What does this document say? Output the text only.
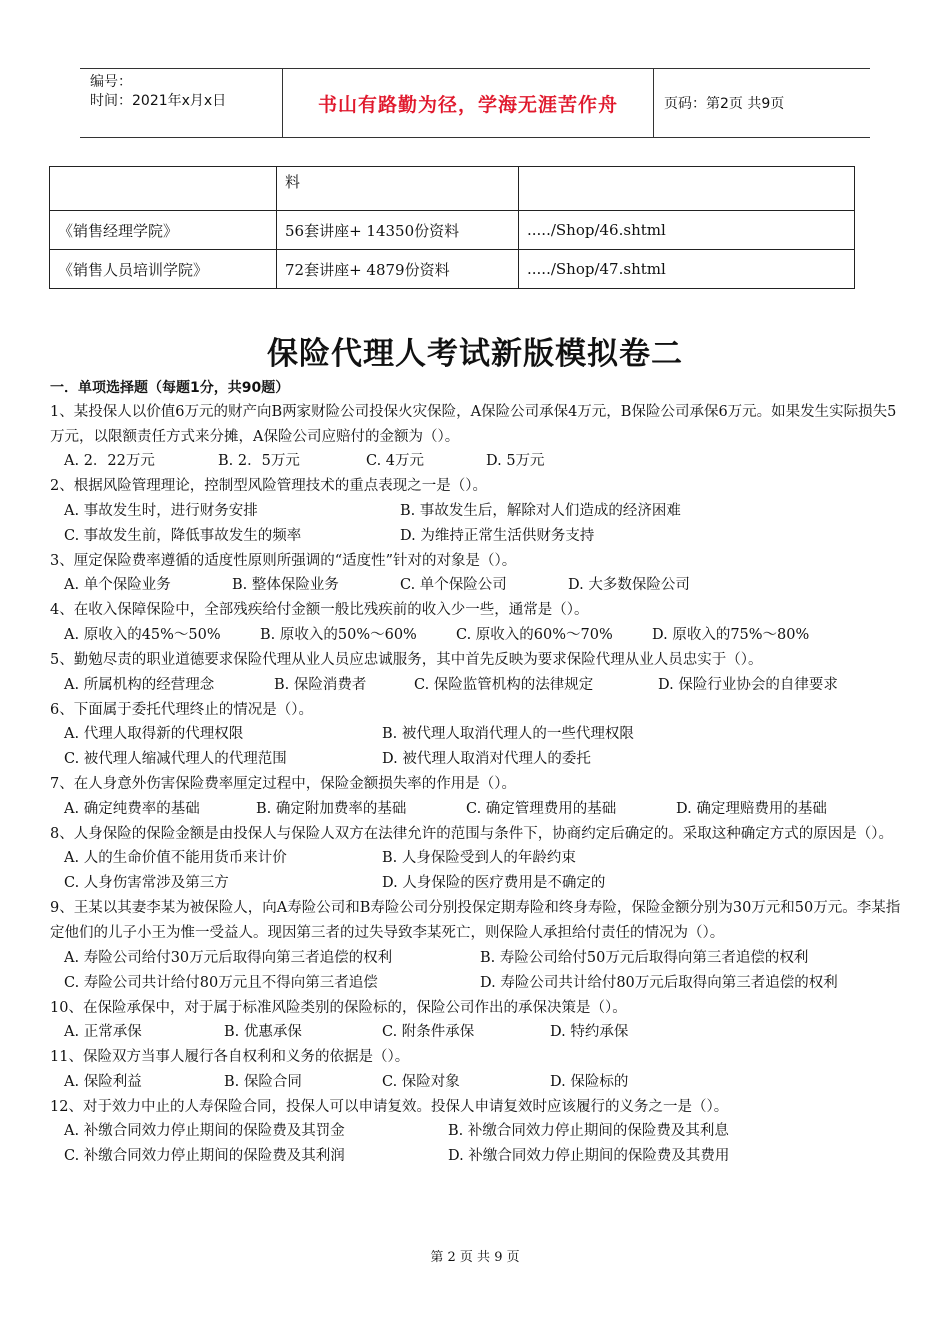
编号：
时间：2021年x月x日	书山有路勤为径，学海无涯苦作舟	页码：第2页 共9页
	料	
《销售经理学院》	56套讲座+ 14350份资料	...../Shop/46.shtml
《销售人员培训学院》	72套讲座+ 4879份资料	...../Shop/47.shtml
保险代理人考试新版模拟卷二
一．单项选择题（每题1分，共90题）
1、某投保人以价值6万元的财产向B两家财险公司投保火灾保险，A保险公司承保4万元，B保险公司承保6万元。如果发生实际损失5万元，以限额责任方式来分摊，A保险公司应赔付的金额为（）。
A. 2．22万元	B. 2．5万元	C. 4万元	D. 5万元
2、根据风险管理理论，控制型风险管理技术的重点表现之一是（）。
A. 事故发生时，进行财务安排	B. 事故发生后，解除对人们造成的经济困难
C. 事故发生前，降低事故发生的频率	D. 为维持正常生活供财务支持
3、厘定保险费率遵循的适度性原则所强调的“适度性”针对的对象是（）。
A. 单个保险业务	B. 整体保险业务	C. 单个保险公司	D. 大多数保险公司
4、在收入保障保险中，全部残疾给付金额一般比残疾前的收入少一些，通常是（）。
A. 原收入的45%～50%	B. 原收入的50%～60%	C. 原收入的60%～70%	D. 原收入的75%～80%
5、勤勉尽责的职业道德要求保险代理从业人员应忠诚服务，其中首先反映为要求保险代理从业人员忠实于（）。
A. 所属机构的经营理念	B. 保险消费者	C. 保险监管机构的法律规定	D. 保险行业协会的自律要求
6、下面属于委托代理终止的情况是（）。
A. 代理人取得新的代理权限	B. 被代理人取消代理人的一些代理权限
C. 被代理人缩减代理人的代理范围	D. 被代理人取消对代理人的委托
7、在人身意外伤害保险费率厘定过程中，保险金额损失率的作用是（）。
A. 确定纯费率的基础	B. 确定附加费率的基础	C. 确定管理费用的基础	D. 确定理赔费用的基础
8、人身保险的保险金额是由投保人与保险人双方在法律允许的范围与条件下，协商约定后确定的。采取这种确定方式的原因是（）。
A. 人的生命价值不能用货币来计价	B. 人身保险受到人的年龄约束
C. 人身伤害常涉及第三方	D. 人身保险的医疗费用是不确定的
9、王某以其妻李某为被保险人，向A寿险公司和B寿险公司分别投保定期寿险和终身寿险，保险金额分别为30万元和50万元。李某指定他们的儿子小王为惟一受益人。现因第三者的过失导致李某死亡，则保险人承担给付责任的情况为（）。
A. 寿险公司给付30万元后取得向第三者追偿的权利	B. 寿险公司给付50万元后取得向第三者追偿的权利
C. 寿险公司共计给付80万元且不得向第三者追偿	D. 寿险公司共计给付80万元后取得向第三者追偿的权利
10、在保险承保中，对于属于标准风险类别的保险标的，保险公司作出的承保决策是（）。
A. 正常承保	B. 优惠承保	C. 附条件承保	D. 特约承保
11、保险双方当事人履行各自权利和义务的依据是（）。
A. 保险利益	B. 保险合同	C. 保险对象	D. 保险标的
12、对于效力中止的人寿保险合同，投保人可以申请复效。投保人申请复效时应该履行的义务之一是（）。
A. 补缴合同效力停止期间的保险费及其罚金	B. 补缴合同效力停止期间的保险费及其利息
C. 补缴合同效力停止期间的保险费及其利润	D. 补缴合同效力停止期间的保险费及其费用
第 2 页 共 9 页
